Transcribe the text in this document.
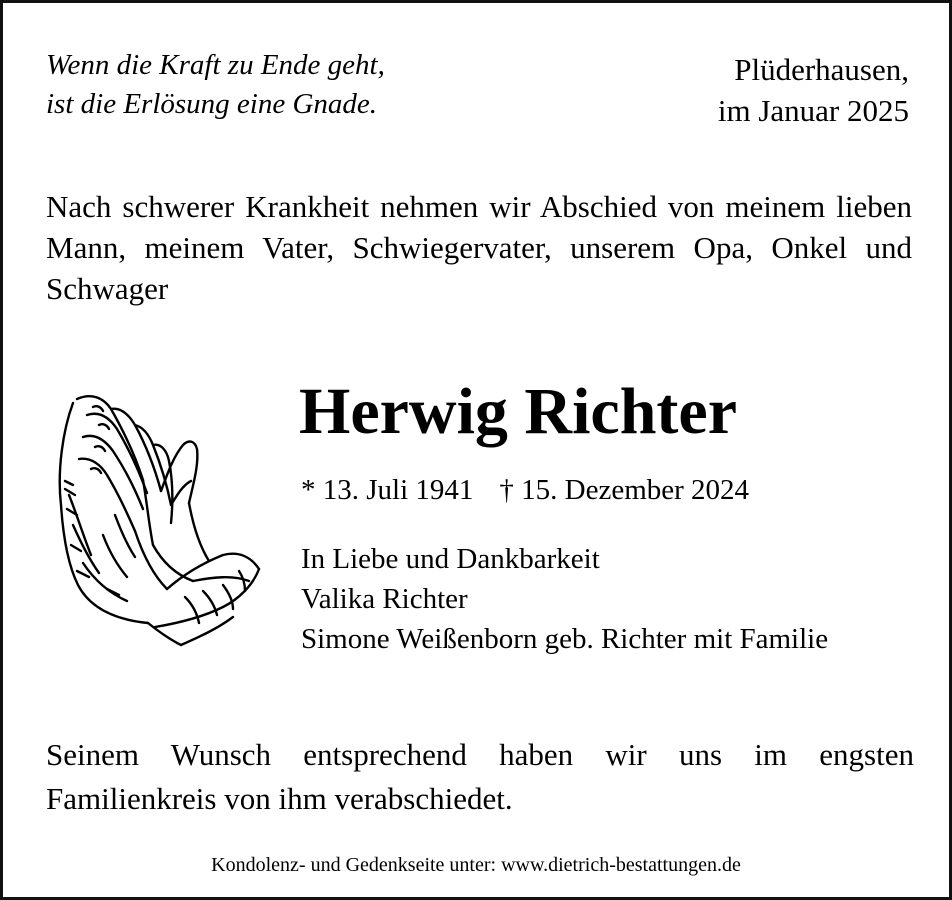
Wenn die Kraft zu Ende geht,
ist die Erlösung eine Gnade.
Plüderhausen,
im Januar 2025
Nach schwerer Krankheit nehmen wir Abschied von meinem lieben Mann, meinem Vater, Schwiegervater, unserem Opa, Onkel und Schwager
Herwig Richter
* 13. Juli 1941 † 15. Dezember 2024
In Liebe und Dankbarkeit
Valika Richter
Simone Weißenborn geb. Richter mit Familie
Seinem Wunsch entsprechend haben wir uns im engsten Familienkreis von ihm verabschiedet.
Kondolenz- und Gedenkseite unter: www.dietrich-bestattungen.de
